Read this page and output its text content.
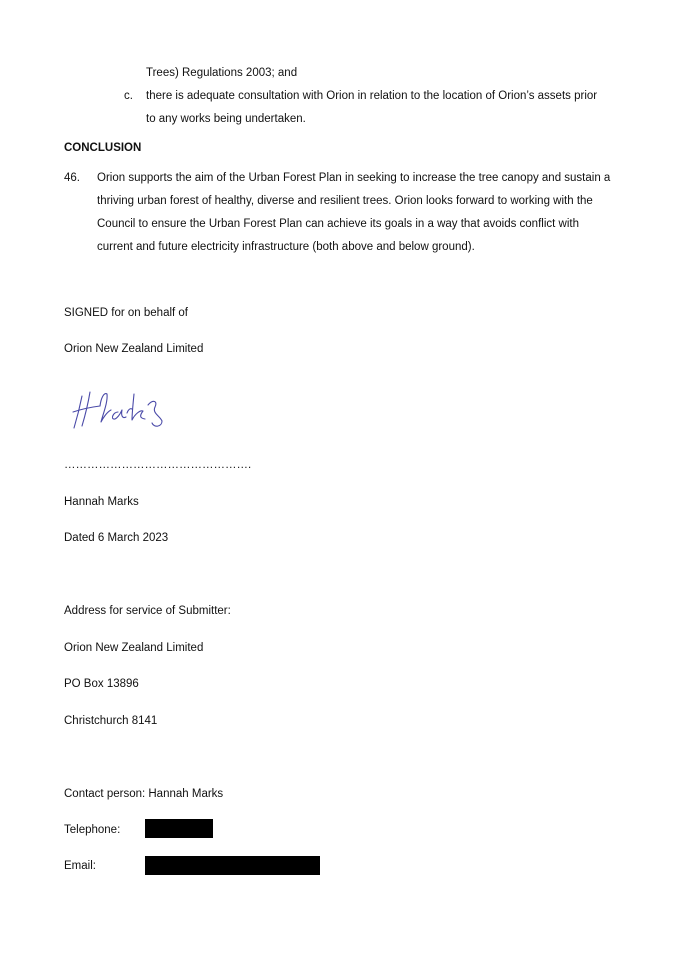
Trees) Regulations 2003; and
c. there is adequate consultation with Orion in relation to the location of Orion’s assets prior
to any works being undertaken.
CONCLUSION
46. Orion supports the aim of the Urban Forest Plan in seeking to increase the tree canopy and sustain a
thriving urban forest of healthy, diverse and resilient trees. Orion looks forward to working with the
Council to ensure the Urban Forest Plan can achieve its goals in a way that avoids conflict with
current and future electricity infrastructure (both above and below ground).
SIGNED for on behalf of
Orion New Zealand Limited
………………………………………….
Hannah Marks
Dated 6 March 2023
Address for service of Submitter:
Orion New Zealand Limited
PO Box 13896
Christchurch 8141
Contact person: Hannah Marks
Telephone:
Email:
